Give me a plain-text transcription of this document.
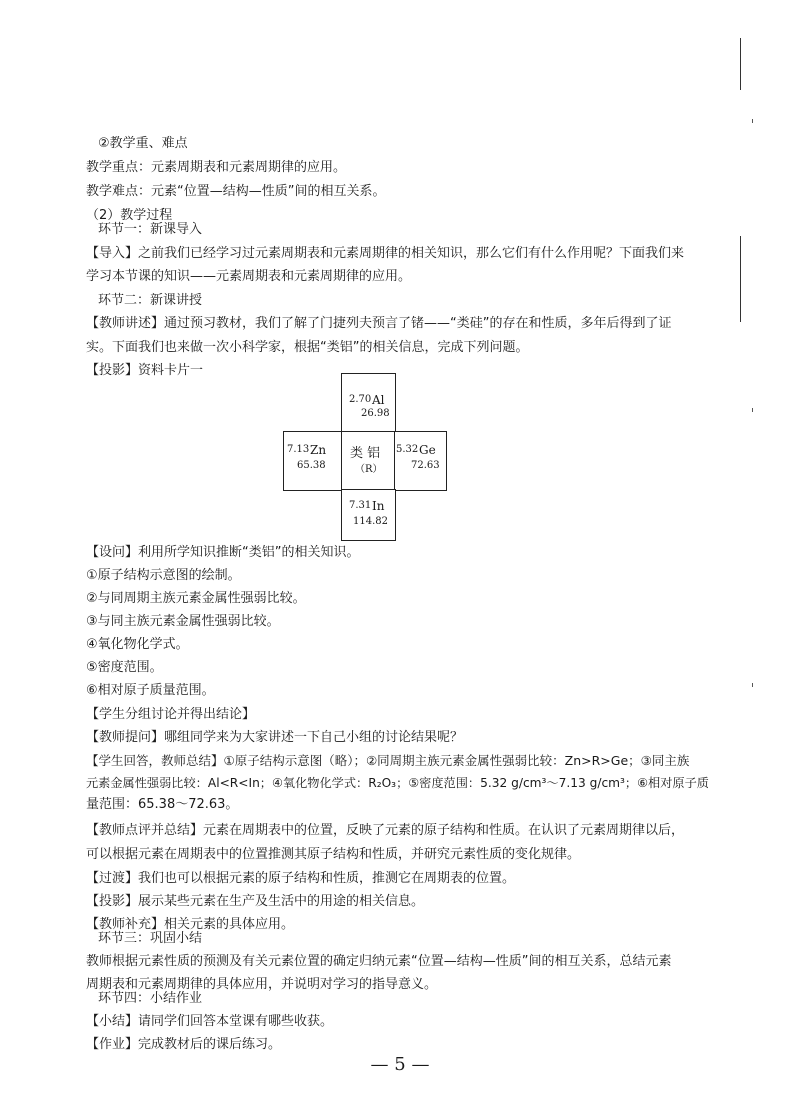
②教学重、难点
教学重点：元素周期表和元素周期律的应用。
教学难点：元素“位置—结构—性质”间的相互关系。
（2）教学过程
环节一：新课导入
【导入】之前我们已经学习过元素周期表和元素周期律的相关知识，那么它们有什么作用呢？下面我们来
学习本节课的知识——元素周期表和元素周期律的应用。
环节二：新课讲授
【教师讲述】通过预习教材，我们了解了门捷列夫预言了锗——“类硅”的存在和性质，多年后得到了证
实。下面我们也来做一次小科学家，根据“类铝”的相关信息，完成下列问题。
【投影】资料卡片一
2.70 Al
26.98
7.13 Zn
65.38
类 铝
（R）
5.32 Ge
72.63
7.31 In
114.82
【设问】利用所学知识推断“类铝”的相关知识。
①原子结构示意图的绘制。
②与同周期主族元素金属性强弱比较。
③与同主族元素金属性强弱比较。
④氧化物化学式。
⑤密度范围。
⑥相对原子质量范围。
【学生分组讨论并得出结论】
【教师提问】哪组同学来为大家讲述一下自己小组的讨论结果呢？
【学生回答，教师总结】①原子结构示意图（略）；②同周期主族元素金属性强弱比较：Zn>R>Ge；③同主族
元素金属性强弱比较：Al<R<In；④氧化物化学式：R₂O₃；⑤密度范围：5.32 g/cm³～7.13 g/cm³；⑥相对原子质
量范围：65.38～72.63。
【教师点评并总结】元素在周期表中的位置，反映了元素的原子结构和性质。在认识了元素周期律以后，
可以根据元素在周期表中的位置推测其原子结构和性质，并研究元素性质的变化规律。
【过渡】我们也可以根据元素的原子结构和性质，推测它在周期表的位置。
【投影】展示某些元素在生产及生活中的用途的相关信息。
【教师补充】相关元素的具体应用。
环节三：巩固小结
教师根据元素性质的预测及有关元素位置的确定归纳元素“位置—结构—性质”间的相互关系，总结元素
周期表和元素周期律的具体应用，并说明对学习的指导意义。
环节四：小结作业
【小结】请同学们回答本堂课有哪些收获。
【作业】完成教材后的课后练习。
— 5 —
